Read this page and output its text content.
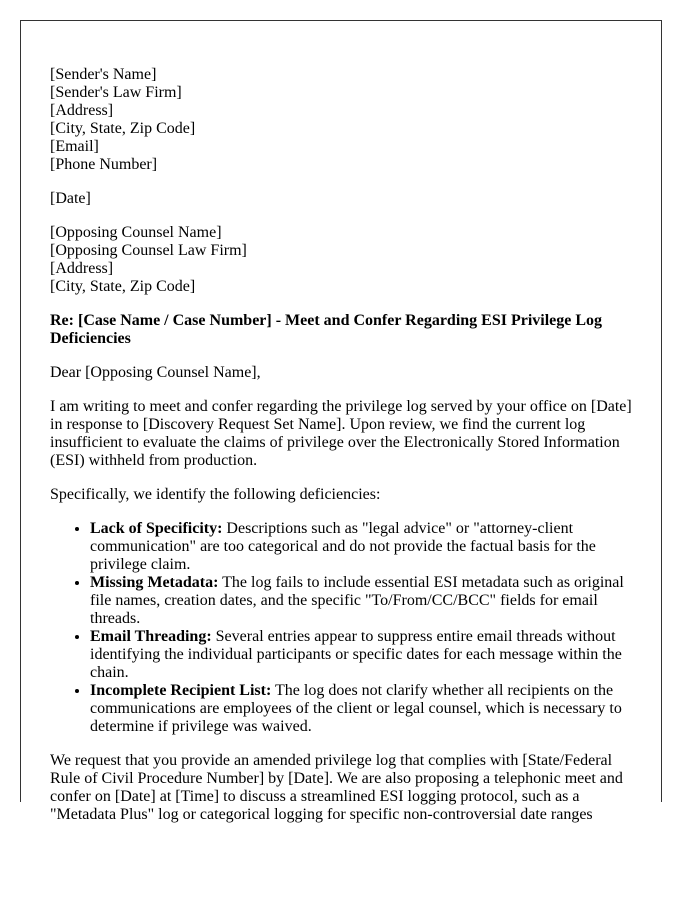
[Sender's Name]
[Sender's Law Firm]
[Address]
[City, State, Zip Code]
[Email]
[Phone Number]

[Date]

[Opposing Counsel Name]
[Opposing Counsel Law Firm]
[Address]
[City, State, Zip Code]

Re: [Case Name / Case Number] - Meet and Confer Regarding ESI Privilege Log Deficiencies

Dear [Opposing Counsel Name],

I am writing to meet and confer regarding the privilege log served by your office on [Date] in response to [Discovery Request Set Name]. Upon review, we find the current log insufficient to evaluate the claims of privilege over the Electronically Stored Information (ESI) withheld from production.

Specifically, we identify the following deficiencies:

• Lack of Specificity: Descriptions such as "legal advice" or "attorney-client communication" are too categorical and do not provide the factual basis for the privilege claim.
• Missing Metadata: The log fails to include essential ESI metadata such as original file names, creation dates, and the specific "To/From/CC/BCC" fields for email threads.
• Email Threading: Several entries appear to suppress entire email threads without identifying the individual participants or specific dates for each message within the chain.
• Incomplete Recipient List: The log does not clarify whether all recipients on the communications are employees of the client or legal counsel, which is necessary to determine if privilege was waived.

We request that you provide an amended privilege log that complies with [State/Federal Rule of Civil Procedure Number] by [Date]. We are also proposing a telephonic meet and confer on [Date] at [Time] to discuss a streamlined ESI logging protocol, such as a "Metadata Plus" log or categorical logging for specific non-controversial date ranges
